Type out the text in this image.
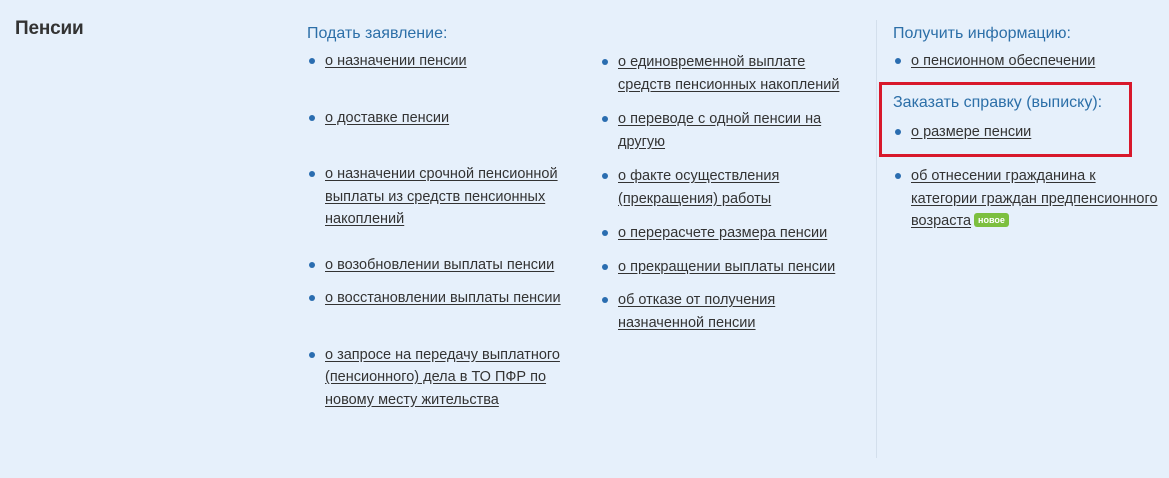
Пенсии	Подать заявление:
о назначении пенсии
о доставке пенсии
о назначении срочной пенсионной выплаты из средств пенсионных накоплений
о возобновлении выплаты пенсии
о восстановлении выплаты пенсии
о запросе на передачу выплатного (пенсионного) дела в ТО ПФР по новому месту жительства
о единовременной выплате средств пенсионных накоплений
о переводе с одной пенсии на другую
о факте осуществления (прекращения) работы
о перерасчете размера пенсии
о прекращении выплаты пенсии
об отказе от получения назначенной пенсии
Получить информацию:
о пенсионном обеспечении
Заказать справку (выписку):
о размере пенсии
об отнесении гражданина к категории граждан предпенсионного возраста новое
